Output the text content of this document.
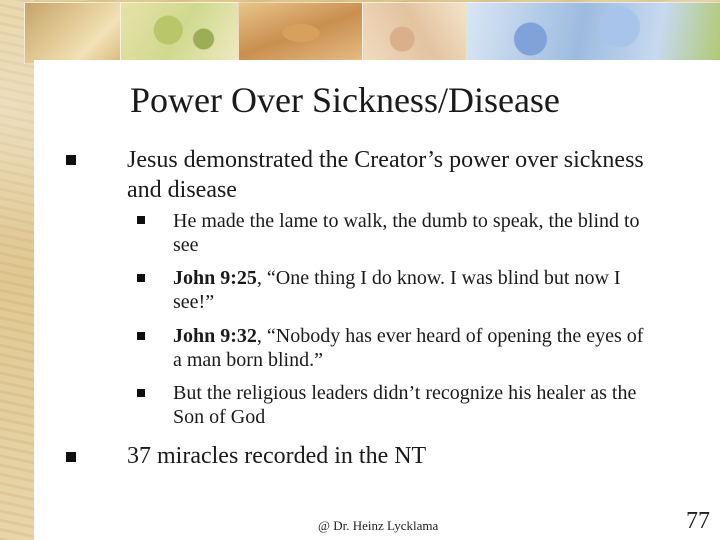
Power Over Sickness/Disease
Jesus demonstrated the Creator’s power over sickness and disease
He made the lame to walk, the dumb to speak, the blind to see
John 9:25, “One thing I do know. I was blind but now I see!”
John 9:32, “Nobody has ever heard of opening the eyes of a man born blind.”
But the religious leaders didn’t recognize his healer as the Son of God
37 miracles recorded in the NT
@ Dr. Heinz Lycklama	77
